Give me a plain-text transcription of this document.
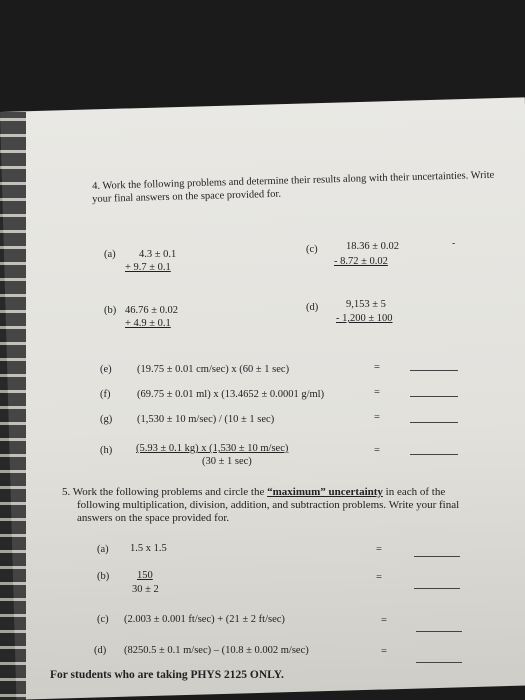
4. Work the following problems and determine their results along with their uncertainties. Write
your final answers on the space provided for.
(a) 4.3 ± 0.1
+ 9.7 ± 0.1
(c)	18.36 ± 0.02
- 8.72 ± 0.02
-
(b) 46.76 ± 0.02
+ 4.9 ± 0.1
(d)	9,153 ± 5
- 1,200 ± 100
(e) (19.75 ± 0.01 cm/sec) x (60 ± 1 sec)	=
(f)	(69.75 ± 0.01 ml) x (13.4652 ± 0.0001 g/ml)	=
(g) (1,530 ± 10 m/sec) / (10 ± 1 sec)	=
(h) (5.93 ± 0.1 kg) x (1,530 ± 10 m/sec)
(30 ± 1 sec)
=
5. Work the following problems and circle the “maximum” uncertainty in each of the
following multiplication, division, addition, and subtraction problems. Write your final
answers on the space provided for.
(a) 1.5 x 1.5	=
(b)	150
30 ± 2
=
(c) (2.003 ± 0.001 ft/sec) + (21 ± 2 ft/sec)	=
(d) (8250.5 ± 0.1 m/sec) – (10.8 ± 0.002 m/sec)	=
For students who are taking PHYS 2125 ONLY.
